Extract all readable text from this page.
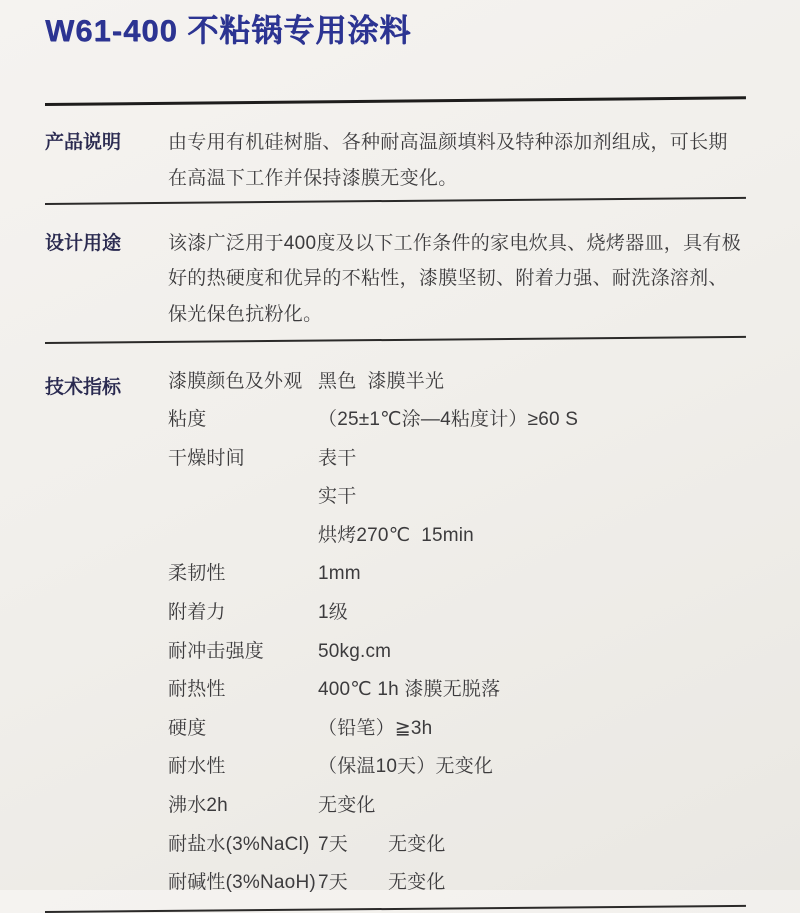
W61-400 不粘锅专用涂料
产品说明	由专用有机硅树脂、各种耐高温颜填料及特种添加剂组成，可长期在高温下工作并保持漆膜无变化。
设计用途	该漆广泛用于400度及以下工作条件的家电炊具、烧烤器皿，具有极好的热硬度和优异的不粘性，漆膜坚韧、附着力强、耐洗涤溶剂、保光保色抗粉化。
技术指标	漆膜颜色及外观 黑色  漆膜半光
粘度	（25±1℃涂—4粘度计）≥60 S
干燥时间	表干
实干
烘烤270℃  15min
柔韧性	1mm
附着力	1级
耐冲击强度	50kg.cm
耐热性	400℃ 1h 漆膜无脱落
硬度	（铅笔）≧3h
耐水性	（保温10天）无变化
沸水2h	无变化
耐盐水(3%NaCl) 7天 无变化
耐碱性(3%NaoH) 7天 无变化
